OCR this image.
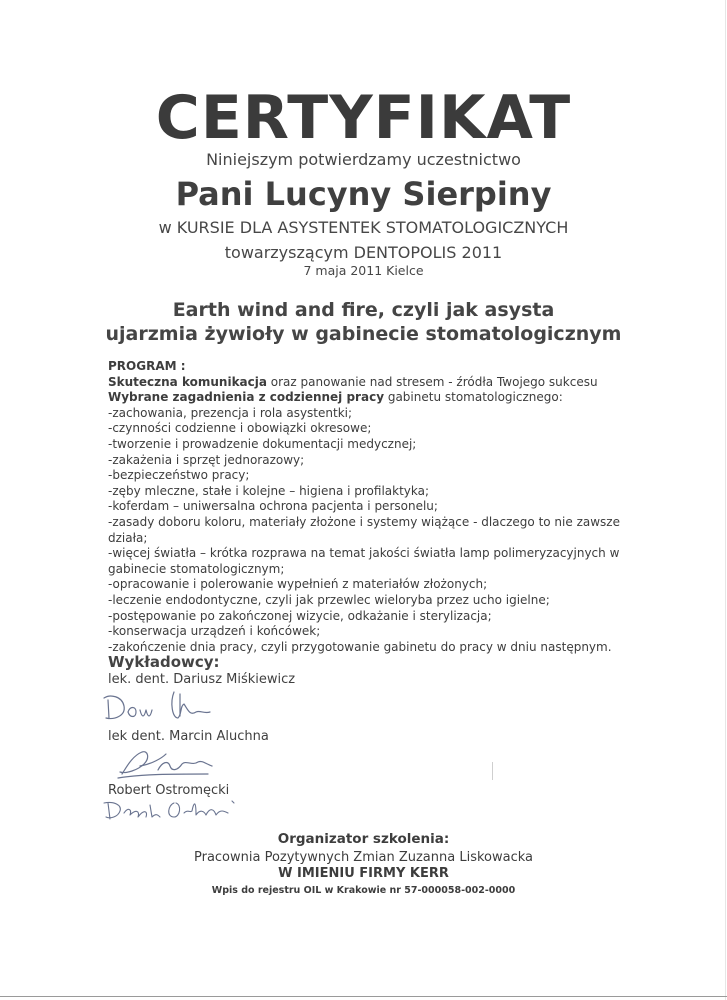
CERTYFIKAT
Niniejszym potwierdzamy uczestnictwo
Pani Lucyny Sierpiny
w KURSIE DLA ASYSTENTEK STOMATOLOGICZNYCH
towarzyszącym DENTOPOLIS 2011
7 maja 2011 Kielce
Earth wind and fire, czyli jak asysta
ujarzmia żywioły w gabinecie stomatologicznym
PROGRAM :
Skuteczna komunikacja oraz panowanie nad stresem - źródła Twojego sukcesu
Wybrane zagadnienia z codziennej pracy gabinetu stomatologicznego:
-zachowania, prezencja i rola asystentki;
-czynności codzienne i obowiązki okresowe;
-tworzenie i prowadzenie dokumentacji medycznej;
-zakażenia i sprzęt jednorazowy;
-bezpieczeństwo pracy;
-zęby mleczne, stałe i kolejne – higiena i profilaktyka;
-koferdam – uniwersalna ochrona pacjenta i personelu;
-zasady doboru koloru, materiały złożone i systemy wiążące - dlaczego to nie zawsze działa;
-więcej światła – krótka rozprawa na temat jakości światła lamp polimeryzacyjnych w gabinecie stomatologicznym;
-opracowanie i polerowanie wypełnień z materiałów złożonych;
-leczenie endodontyczne, czyli jak przewlec wieloryba przez ucho igielne;
-postępowanie po zakończonej wizycie, odkażanie i sterylizacja;
-konserwacja urządzeń i końcówek;
-zakończenie dnia pracy, czyli przygotowanie gabinetu do pracy w dniu następnym.
Wykładowcy:
lek. dent. Dariusz Miśkiewicz
lek dent. Marcin Aluchna
Robert Ostromęcki
Organizator szkolenia:
Pracownia Pozytywnych Zmian Zuzanna Liskowacka
W IMIENIU FIRMY KERR
Wpis do rejestru OIL w Krakowie nr 57-000058-002-0000
